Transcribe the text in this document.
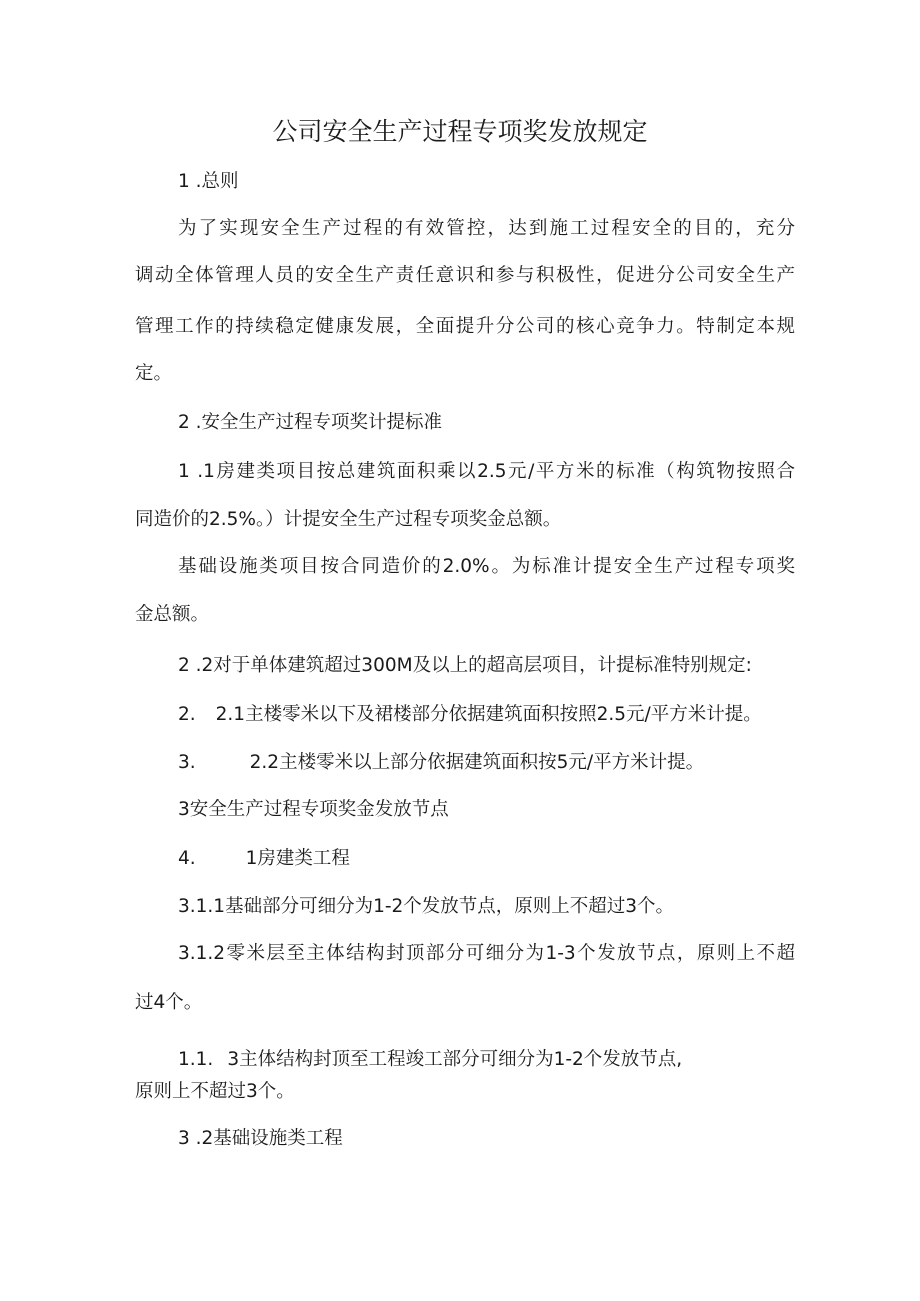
公司安全生产过程专项奖发放规定
1 .总则
为了实现安全生产过程的有效管控，达到施工过程安全的目的，充分
调动全体管理人员的安全生产责任意识和参与积极性，促进分公司安全生产
管理工作的持续稳定健康发展，全面提升分公司的核心竞争力。特制定本规
定。
2 .安全生产过程专项奖计提标准
1 .1房建类项目按总建筑面积乘以2.5元/平方米的标准（构筑物按照合
同造价的2.5%。）计提安全生产过程专项奖金总额。
基础设施类项目按合同造价的2.0%。为标准计提安全生产过程专项奖
金总额。
2 .2对于单体建筑超过300M及以上的超高层项目，计提标准特别规定:
2. 2.1主楼零米以下及裙楼部分依据建筑面积按照2.5元/平方米计提。
3.	2.2主楼零米以上部分依据建筑面积按5元/平方米计提。
3安全生产过程专项奖金发放节点
4.	1房建类工程
3.1.1基础部分可细分为1-2个发放节点，原则上不超过3个。
3.1.2零米层至主体结构封顶部分可细分为1-3个发放节点，原则上不超
过4个。
1.1. 3主体结构封顶至工程竣工部分可细分为1-2个发放节点,
原则上不超过3个。
3 .2基础设施类工程
